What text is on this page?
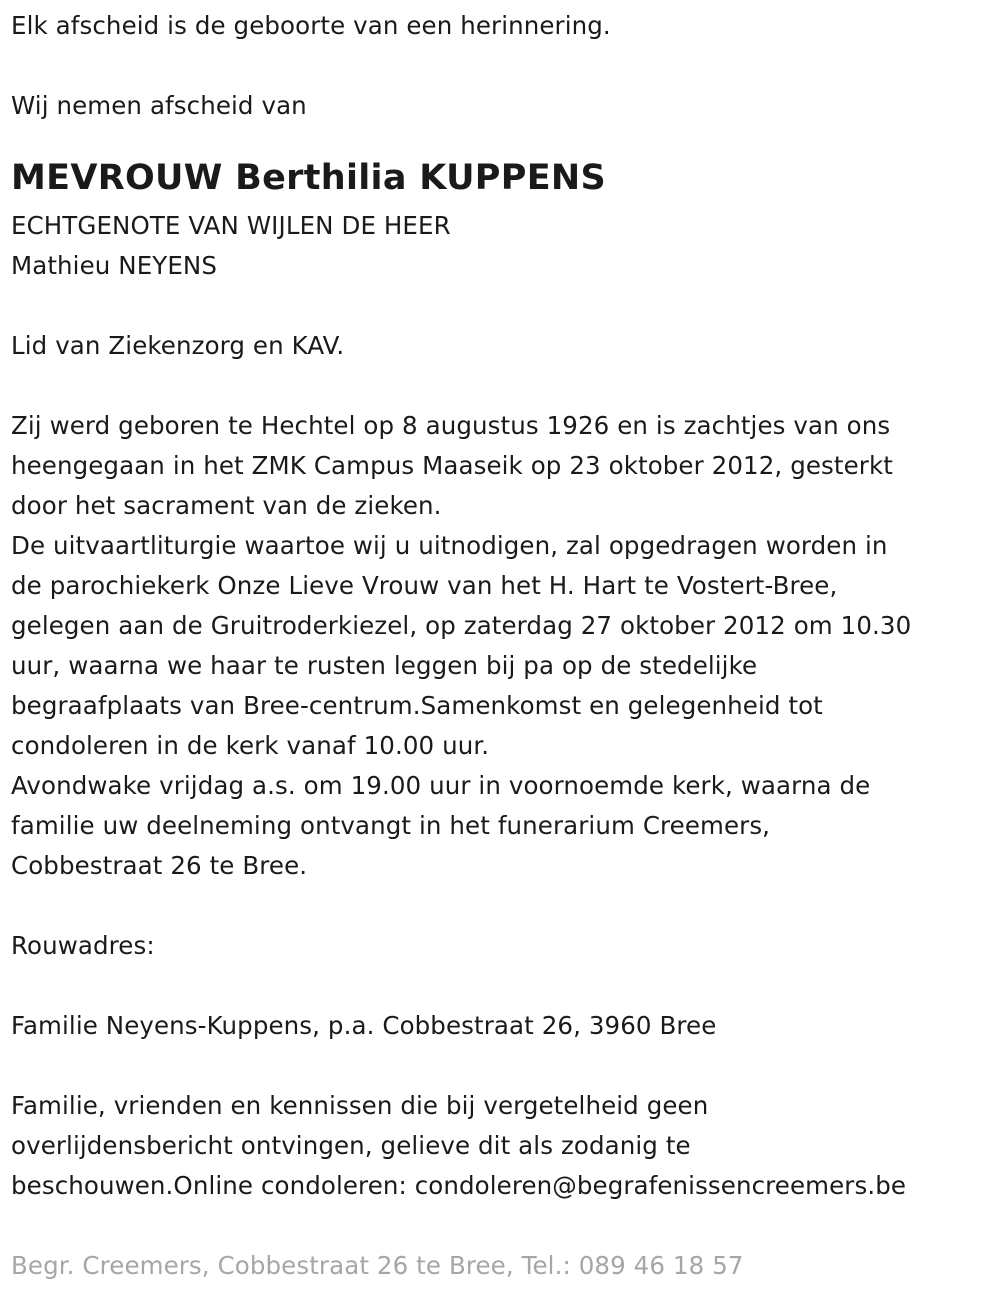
Elk afscheid is de geboorte van een herinnering.
Wij nemen afscheid van
MEVROUW Berthilia KUPPENS
ECHTGENOTE VAN WIJLEN DE HEER
Mathieu NEYENS
Lid van Ziekenzorg en KAV.
Zij werd geboren te Hechtel op 8 augustus 1926 en is zachtjes van ons
heengegaan in het ZMK Campus Maaseik op 23 oktober 2012, gesterkt
door het sacrament van de zieken.
De uitvaartliturgie waartoe wij u uitnodigen, zal opgedragen worden in
de parochiekerk Onze Lieve Vrouw van het H. Hart te Vostert-Bree,
gelegen aan de Gruitroderkiezel, op zaterdag 27 oktober 2012 om 10.30
uur, waarna we haar te rusten leggen bij pa op de stedelijke
begraafplaats van Bree-centrum.Samenkomst en gelegenheid tot
condoleren in de kerk vanaf 10.00 uur.
Avondwake vrijdag a.s. om 19.00 uur in voornoemde kerk, waarna de
familie uw deelneming ontvangt in het funerarium Creemers,
Cobbestraat 26 te Bree.
Rouwadres:
Familie Neyens-Kuppens, p.a. Cobbestraat 26, 3960 Bree
Familie, vrienden en kennissen die bij vergetelheid geen
overlijdensbericht ontvingen, gelieve dit als zodanig te
beschouwen.Online condoleren: condoleren@begrafenissencreemers.be
Begr. Creemers, Cobbestraat 26 te Bree, Tel.: 089 46 18 57
